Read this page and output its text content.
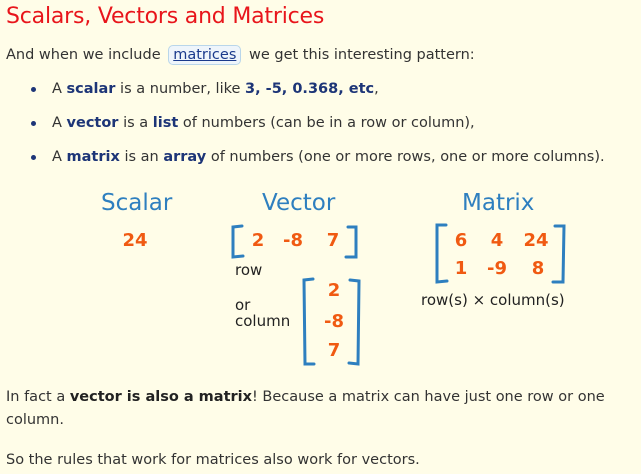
Scalars, Vectors and Matrices
And when we include matrices we get this interesting pattern:
A scalar is a number, like 3, -5, 0.368, etc,
A vector is a list of numbers (can be in a row or column),
A matrix is an array of numbers (one or more rows, one or more columns).
Scalar
24
Vector
2 -8 7
row
or
column
2
-8
7
Matrix
6 4 24
1	-9	8
row(s) × column(s)
In fact a vector is also a matrix! Because a matrix can have just one row or one column.
So the rules that work for matrices also work for vectors.
